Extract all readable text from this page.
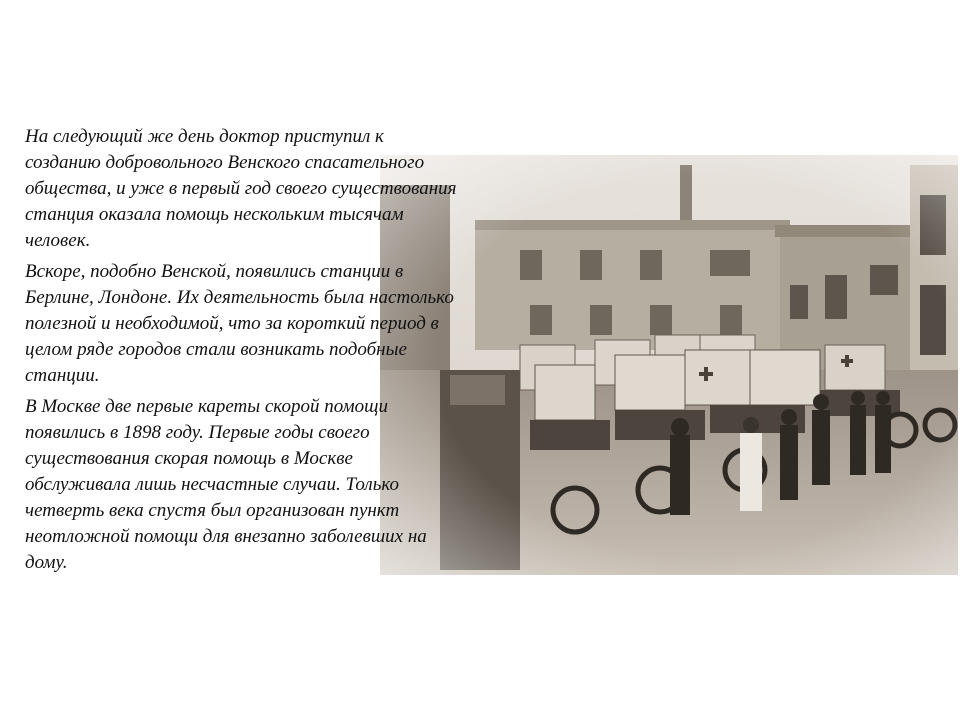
На следующий же день доктор приступил к
созданию добровольного Венского спасательного
общества, и уже в первый год своего существования
станция оказала помощь нескольким тысячам
человек.

Вскоре, подобно Венской, появились станции в
Берлине, Лондоне. Их деятельность была настолько
полезной и необходимой, что за короткий период в
целом ряде городов стали возникать подобные
станции.

В Москве две первые кареты скорой помощи
появились в 1898 году. Первые годы своего
существования скорая помощь в Москве
обслуживала лишь несчастные случаи. Только
четверть века спустя был организован пункт
неотложной помощи для внезапно заболевших на
дому.
